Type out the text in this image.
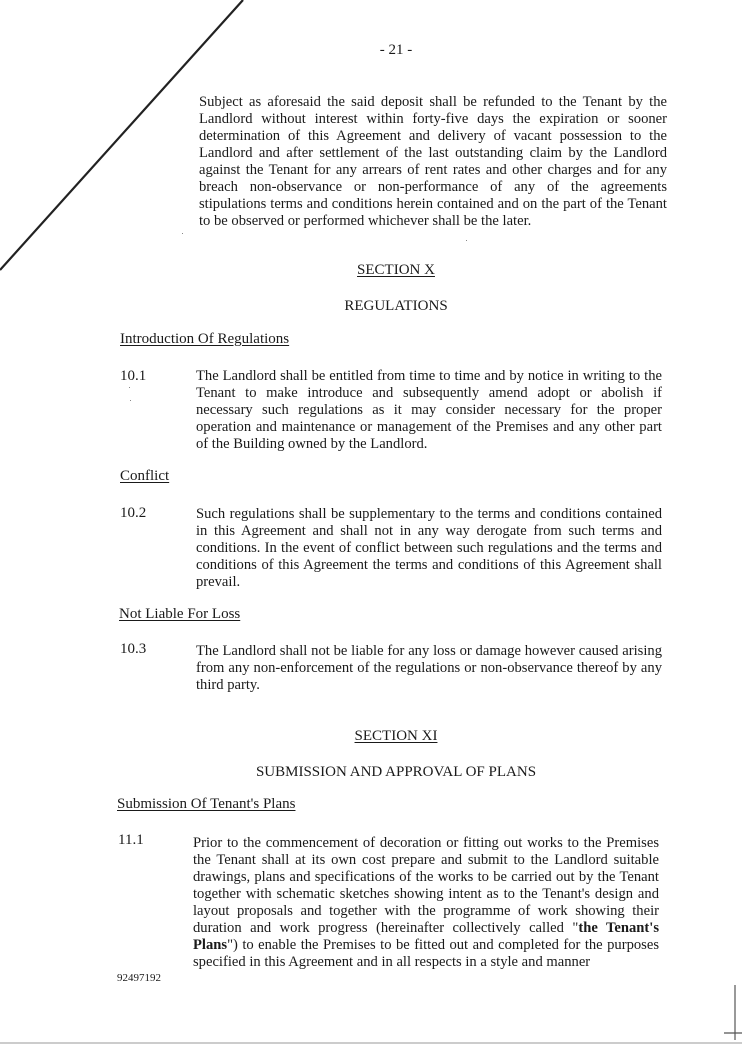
- 21 -
Subject as aforesaid the said deposit shall be refunded to the Tenant by the Landlord without interest within forty-five days the expiration or sooner determination of this Agreement and delivery of vacant possession to the Landlord and after settlement of the last outstanding claim by the Landlord against the Tenant for any arrears of rent rates and other charges and for any breach non-observance or non-performance of any of the agreements stipulations terms and conditions herein contained and on the part of the Tenant to be observed or performed whichever shall be the later.
SECTION X
REGULATIONS
Introduction Of Regulations
10.1	The Landlord shall be entitled from time to time and by notice in writing to the Tenant to make introduce and subsequently amend adopt or abolish if necessary such regulations as it may consider necessary for the proper operation and maintenance or management of the Premises and any other part of the Building owned by the Landlord.
Conflict
10.2	Such regulations shall be supplementary to the terms and conditions contained in this Agreement and shall not in any way derogate from such terms and conditions. In the event of conflict between such regulations and the terms and conditions of this Agreement the terms and conditions of this Agreement shall prevail.
Not Liable For Loss
10.3	The Landlord shall not be liable for any loss or damage however caused arising from any non-enforcement of the regulations or non-observance thereof by any third party.
SECTION XI
SUBMISSION AND APPROVAL OF PLANS
Submission Of Tenant's Plans
11.1	Prior to the commencement of decoration or fitting out works to the Premises the Tenant shall at its own cost prepare and submit to the Landlord suitable drawings, plans and specifications of the works to be carried out by the Tenant together with schematic sketches showing intent as to the Tenant's design and layout proposals and together with the programme of work showing their duration and work progress (hereinafter collectively called "the Tenant's Plans") to enable the Premises to be fitted out and completed for the purposes specified in this Agreement and in all respects in a style and manner
92497192
